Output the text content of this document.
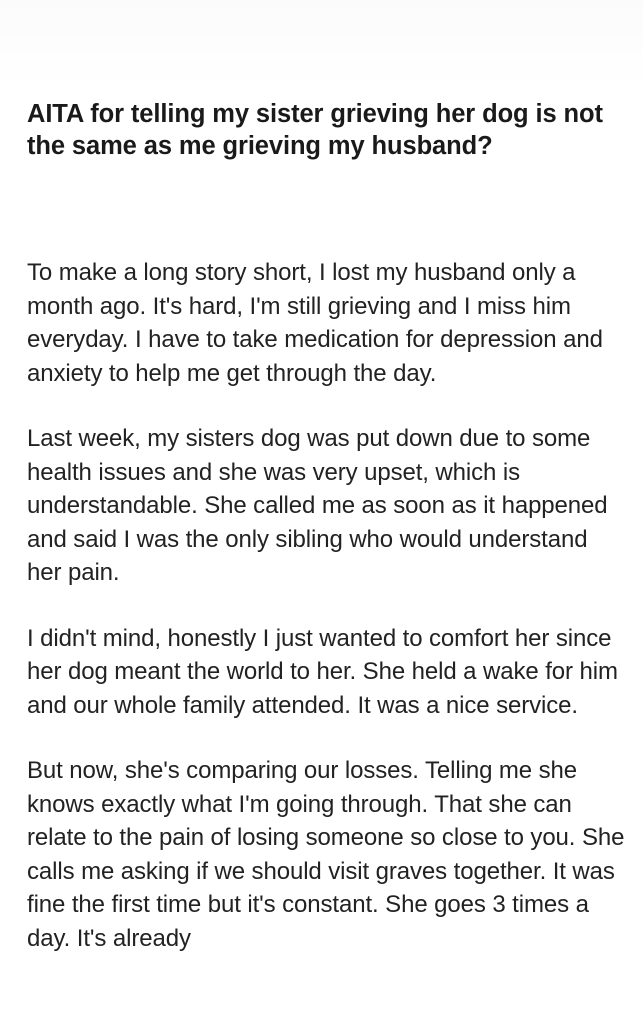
AITA for telling my sister grieving her dog is not the same as me grieving my husband?

To make a long story short, I lost my husband only a month ago. It's hard, I'm still grieving and I miss him everyday. I have to take medication for depression and anxiety to help me get through the day.

Last week, my sisters dog was put down due to some health issues and she was very upset, which is understandable. She called me as soon as it happened and said I was the only sibling who would understand her pain.

I didn't mind, honestly I just wanted to comfort her since her dog meant the world to her. She held a wake for him and our whole family attended. It was a nice service.

But now, she's comparing our losses. Telling me she knows exactly what I'm going through. That she can relate to the pain of losing someone so close to you. She calls me asking if we should visit graves together. It was fine the first time but it's constant. She goes 3 times a day. It's already
